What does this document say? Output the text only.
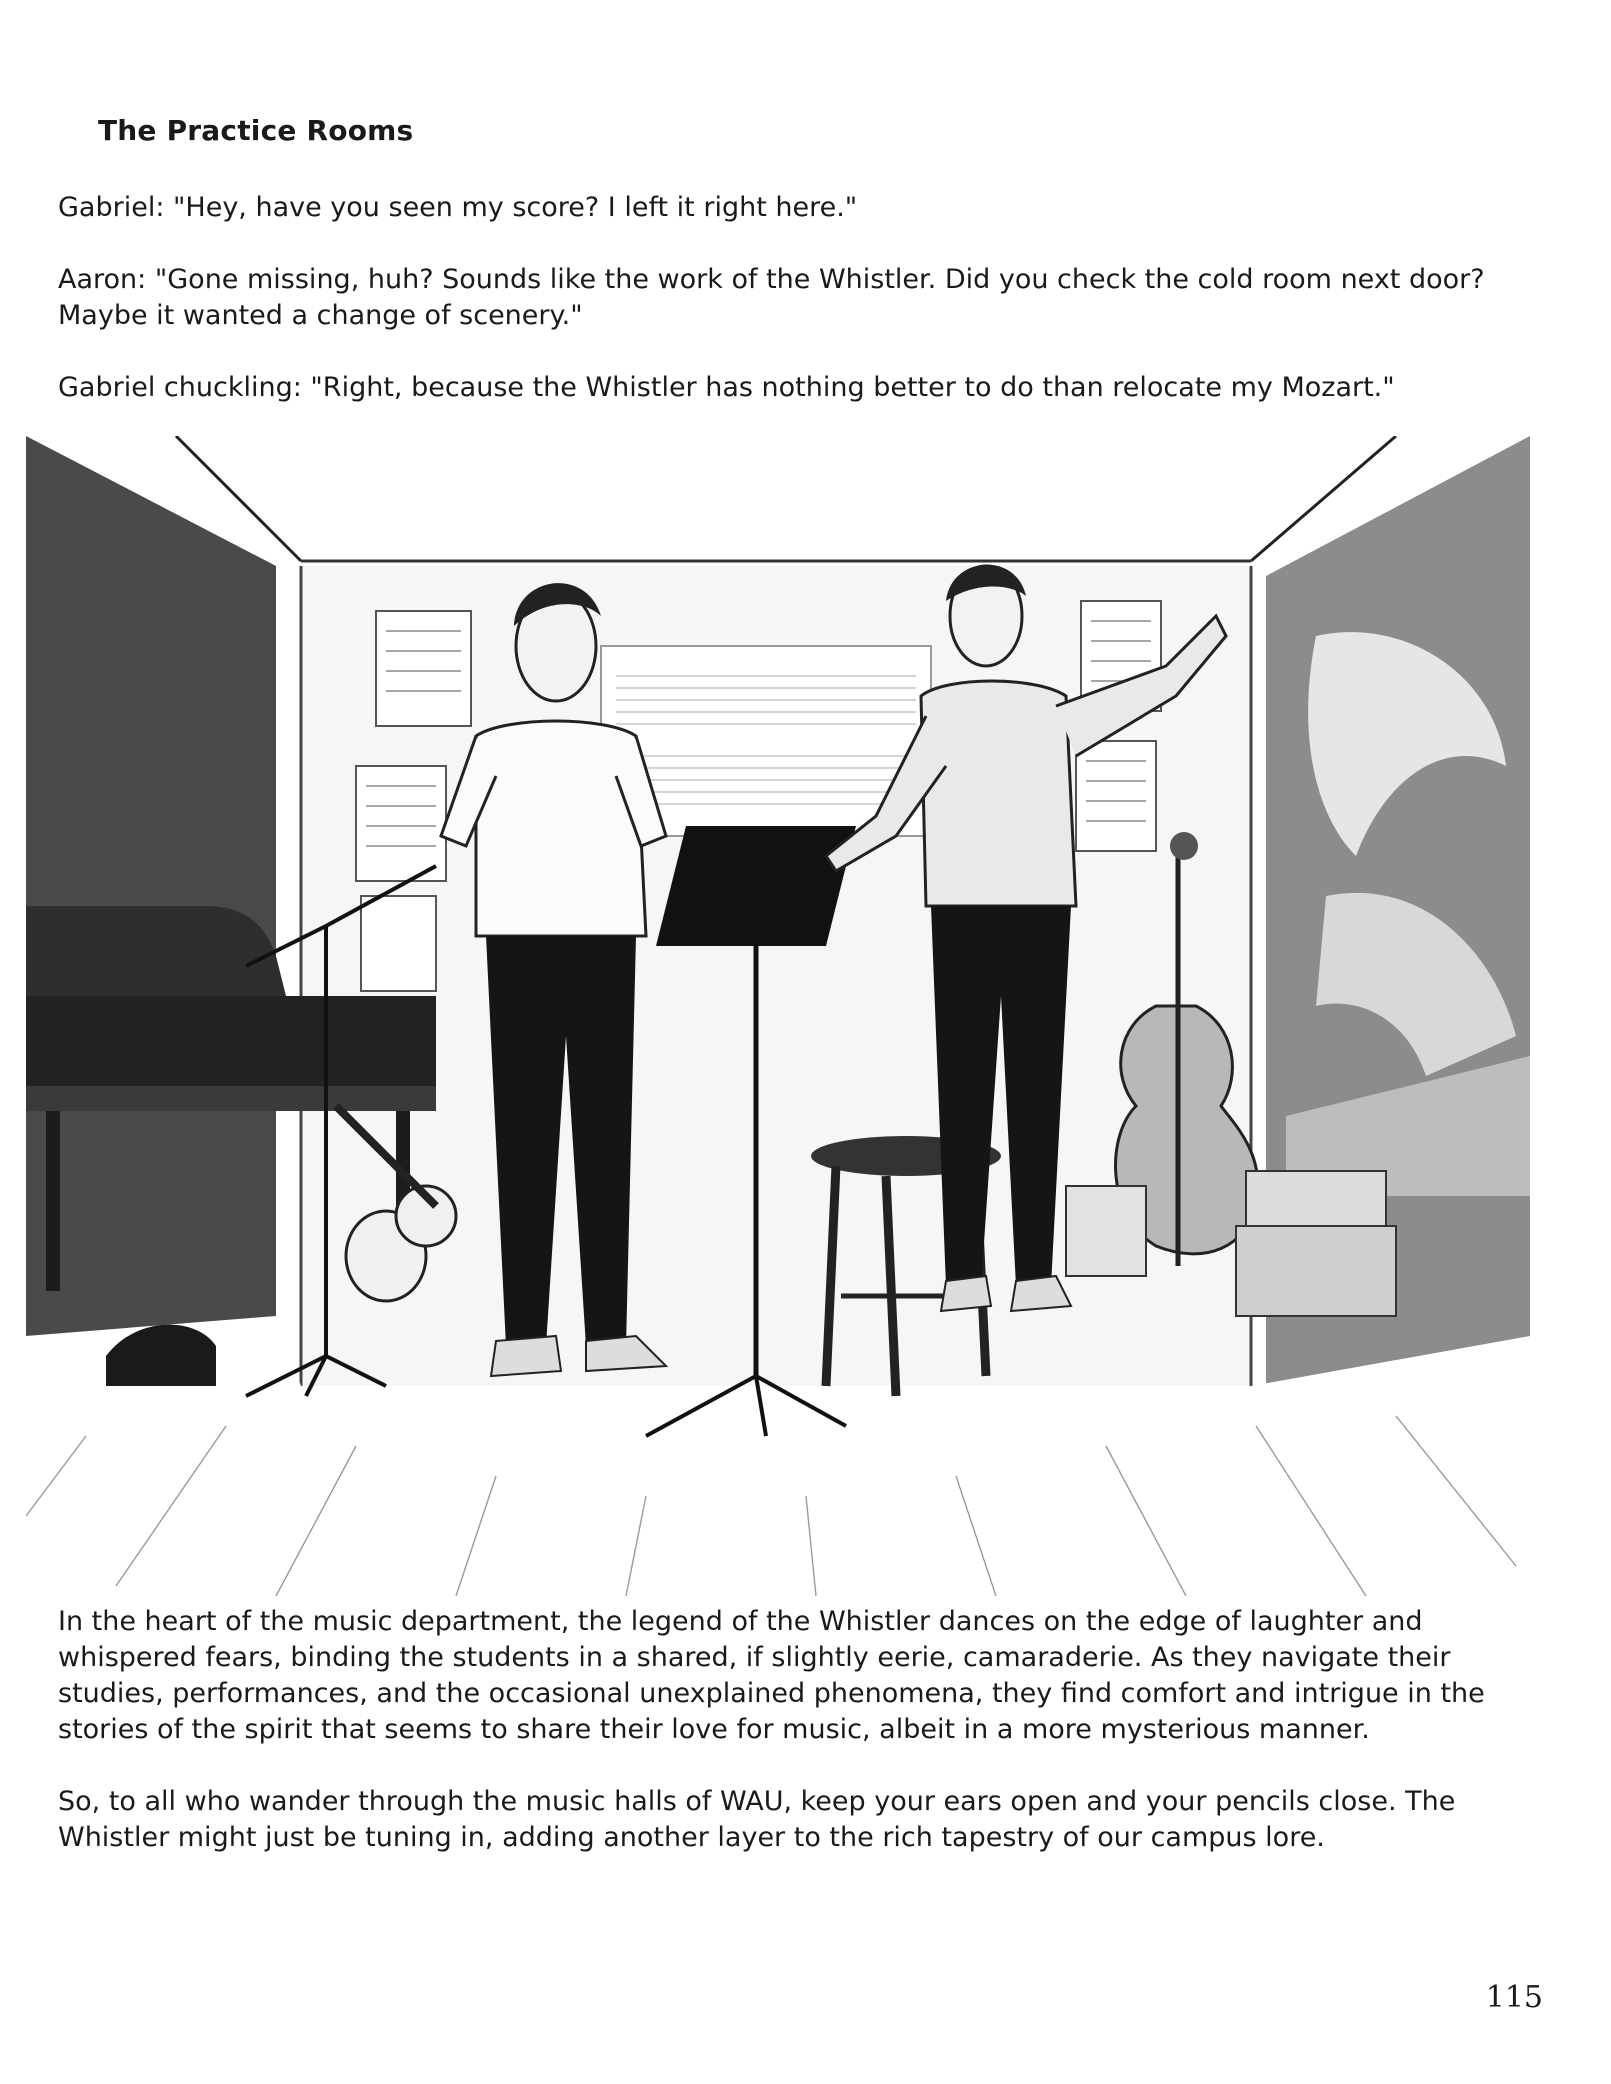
The Practice Rooms

Gabriel: "Hey, have you seen my score? I left it right here."

Aaron: "Gone missing, huh? Sounds like the work of the Whistler. Did you check the cold room next door? Maybe it wanted a change of scenery."

Gabriel chuckling: "Right, because the Whistler has nothing better to do than relocate my Mozart."

In the heart of the music department, the legend of the Whistler dances on the edge of laughter and whispered fears, binding the students in a shared, if slightly eerie, camaraderie. As they navigate their studies, performances, and the occasional unexplained phenomena, they find comfort and intrigue in the stories of the spirit that seems to share their love for music, albeit in a more mysterious manner.

So, to all who wander through the music halls of WAU, keep your ears open and your pencils close. The Whistler might just be tuning in, adding another layer to the rich tapestry of our campus lore.

115
